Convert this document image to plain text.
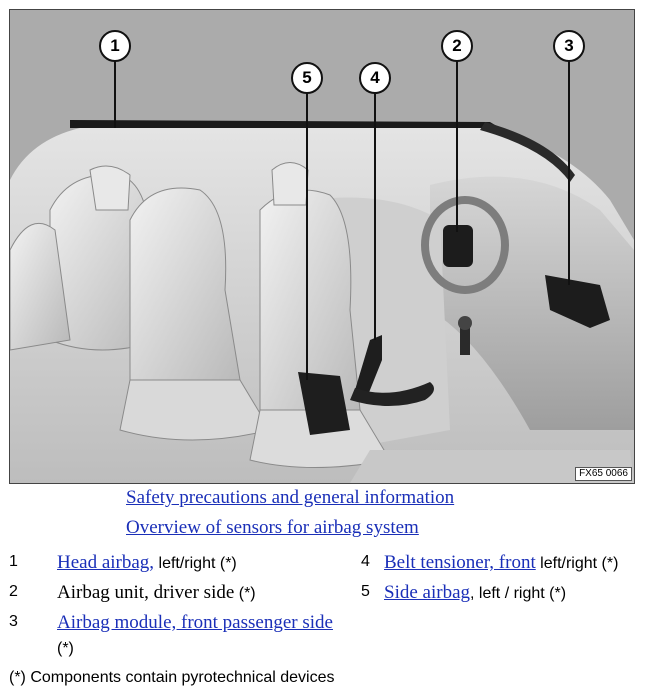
1	2	3
4
5
FX65 0066
Safety precautions and general information
Overview of sensors for airbag system
1 Head airbag, left/right (*)
2 Airbag unit, driver side (*)
3 Airbag module, front passenger side (*)
4 Belt tensioner, front left/right (*)
5 Side airbag, left / right (*)
(*) Components contain pyrotechnical devices
